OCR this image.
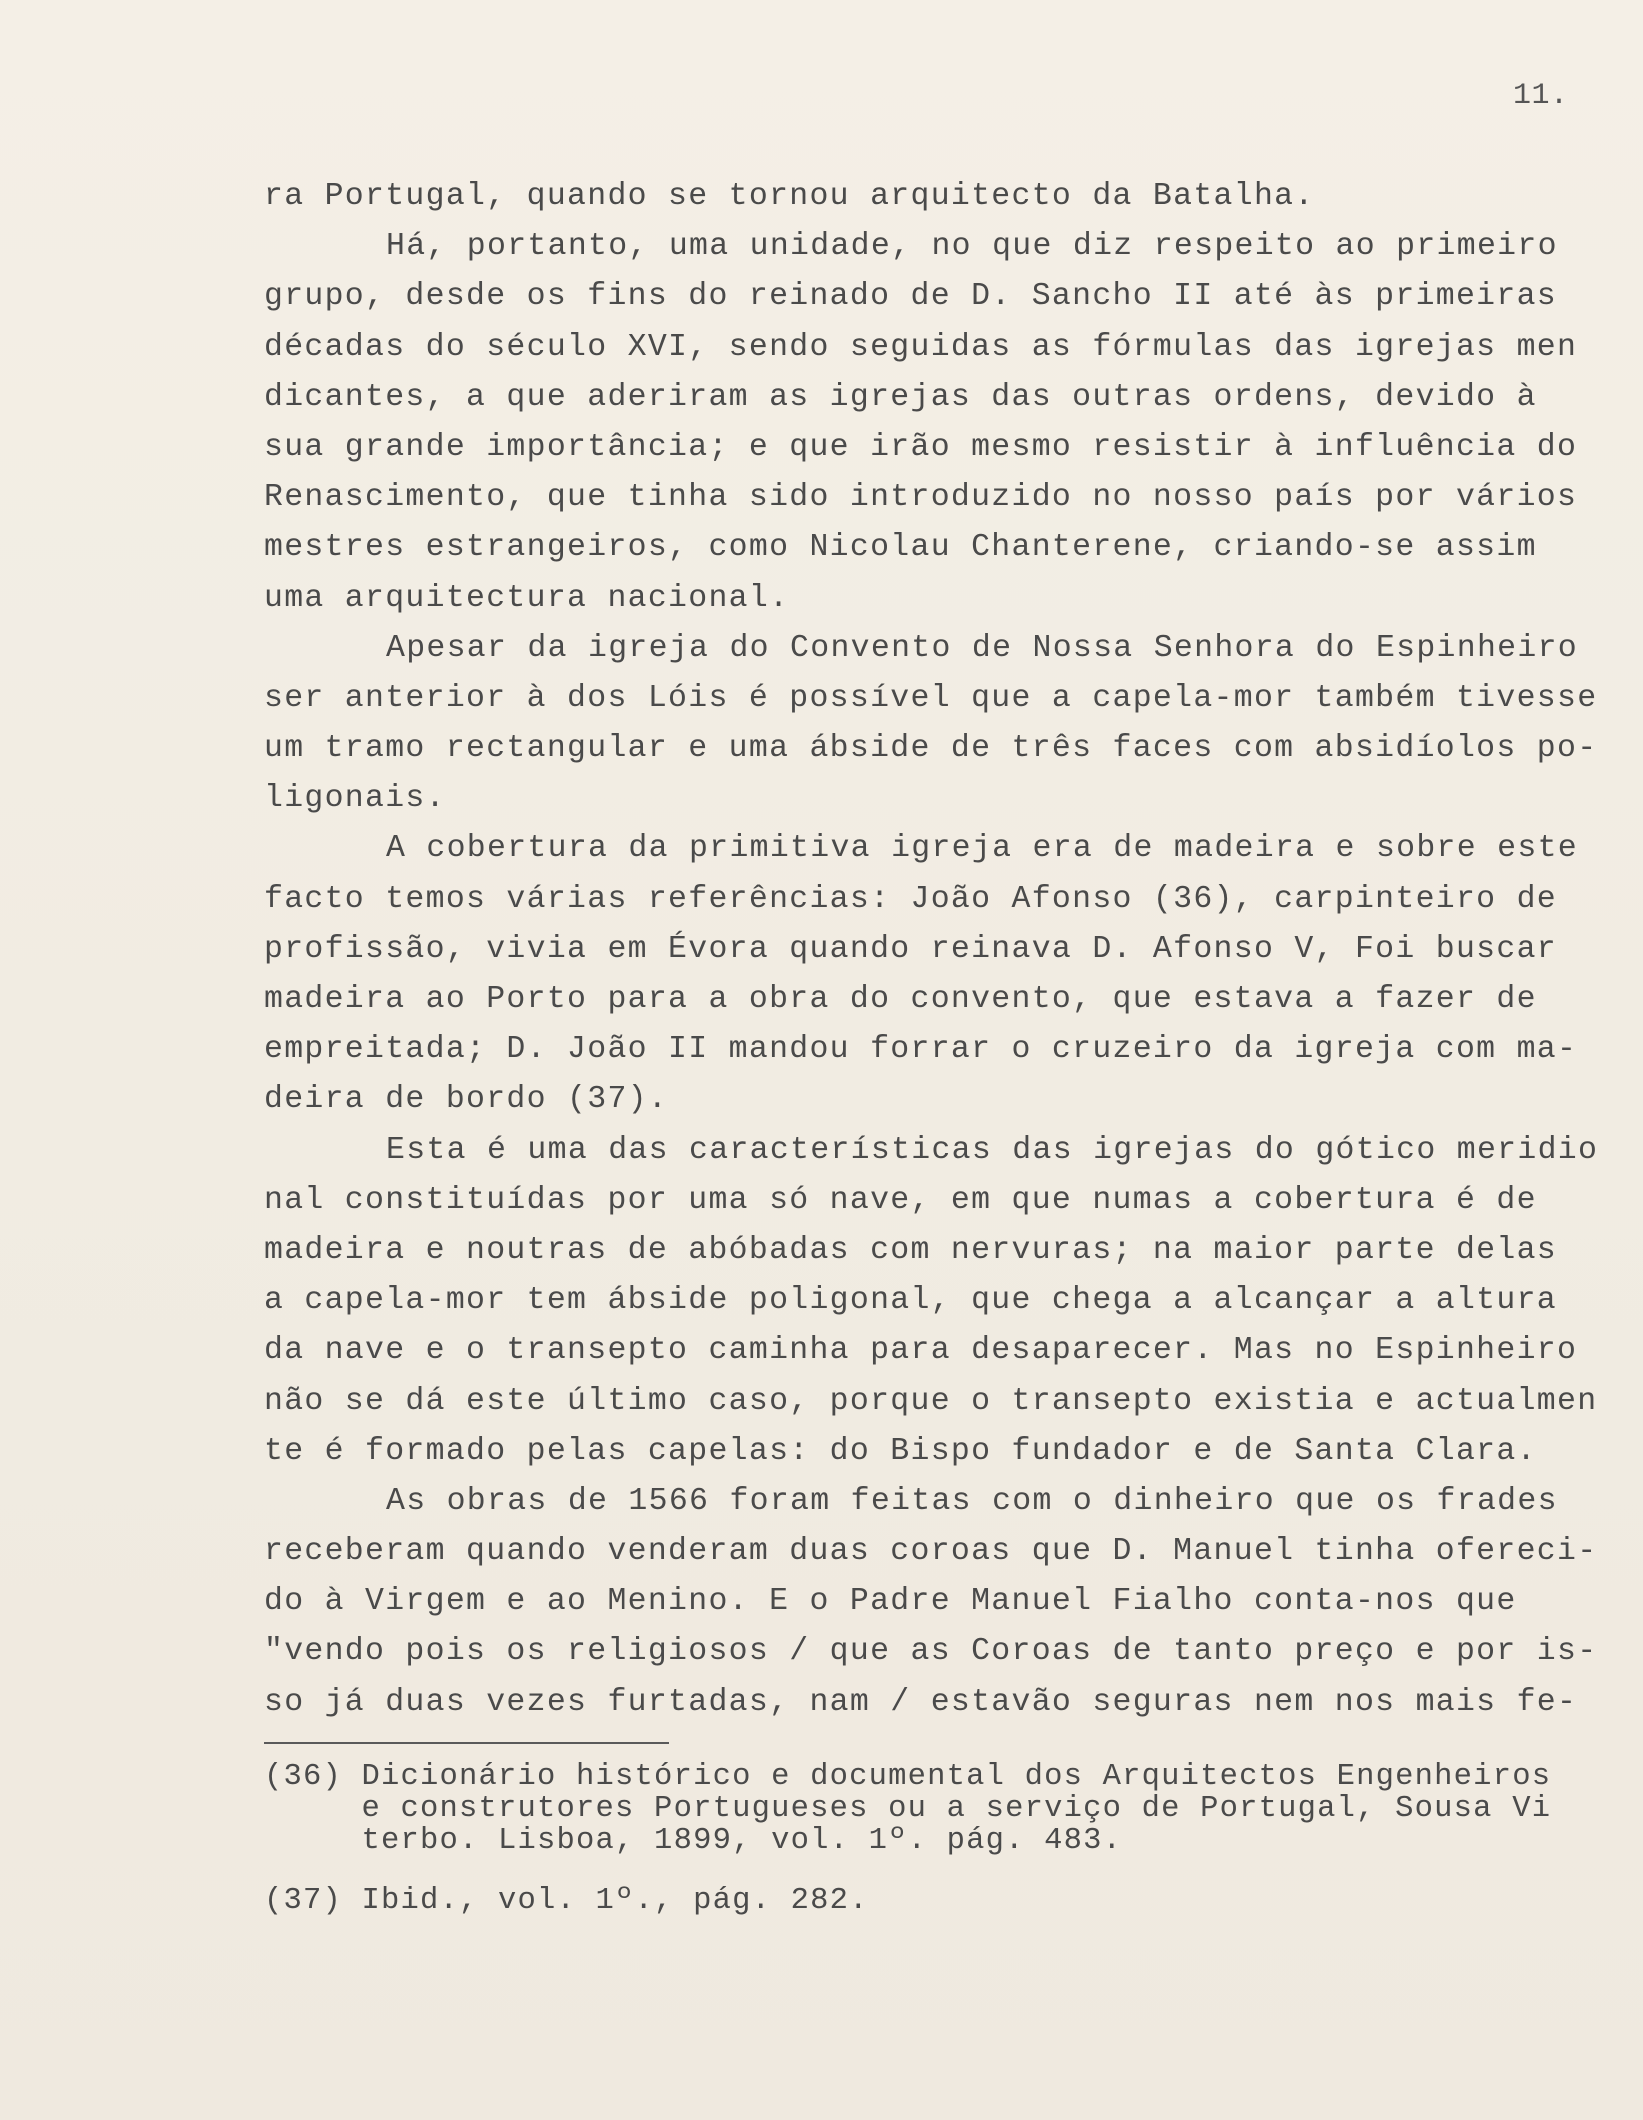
11.
ra Portugal, quando se tornou arquitecto da Batalha.
Há, portanto, uma unidade, no que diz respeito ao primeiro
grupo, desde os fins do reinado de D. Sancho II até às primeiras
décadas do século XVI, sendo seguidas as fórmulas das igrejas men
dicantes, a que aderiram as igrejas das outras ordens, devido à
sua grande importância; e que irão mesmo resistir à influência do
Renascimento, que tinha sido introduzido no nosso país por vários
mestres estrangeiros, como Nicolau Chanterene, criando-se assim
uma arquitectura nacional.
Apesar da igreja do Convento de Nossa Senhora do Espinheiro
ser anterior à dos Lóis é possível que a capela-mor também tivesse
um tramo rectangular e uma ábside de três faces com absidíolos po-
ligonais.
A cobertura da primitiva igreja era de madeira e sobre este
facto temos várias referências: João Afonso (36), carpinteiro de
profissão, vivia em Évora quando reinava D. Afonso V, Foi buscar
madeira ao Porto para a obra do convento, que estava a fazer de
empreitada; D. João II mandou forrar o cruzeiro da igreja com ma-
deira de bordo (37).
Esta é uma das características das igrejas do gótico meridio
nal constituídas por uma só nave, em que numas a cobertura é de
madeira e noutras de abóbadas com nervuras; na maior parte delas
a capela-mor tem ábside poligonal, que chega a alcançar a altura
da nave e o transepto caminha para desaparecer. Mas no Espinheiro
não se dá este último caso, porque o transepto existia e actualmen
te é formado pelas capelas: do Bispo fundador e de Santa Clara.
As obras de 1566 foram feitas com o dinheiro que os frades
receberam quando venderam duas coroas que D. Manuel tinha ofereci-
do à Virgem e ao Menino. E o Padre Manuel Fialho conta-nos que
"vendo pois os religiosos / que as Coroas de tanto preço e por is-
so já duas vezes furtadas, nam / estavão seguras nem nos mais fe-
(36) Dicionário histórico e documental dos Arquitectos Engenheiros
e construtores Portugueses ou a serviço de Portugal, Sousa Vi
terbo. Lisboa, 1899, vol. 1º. pág. 483.
(37) Ibid., vol. 1º., pág. 282.
